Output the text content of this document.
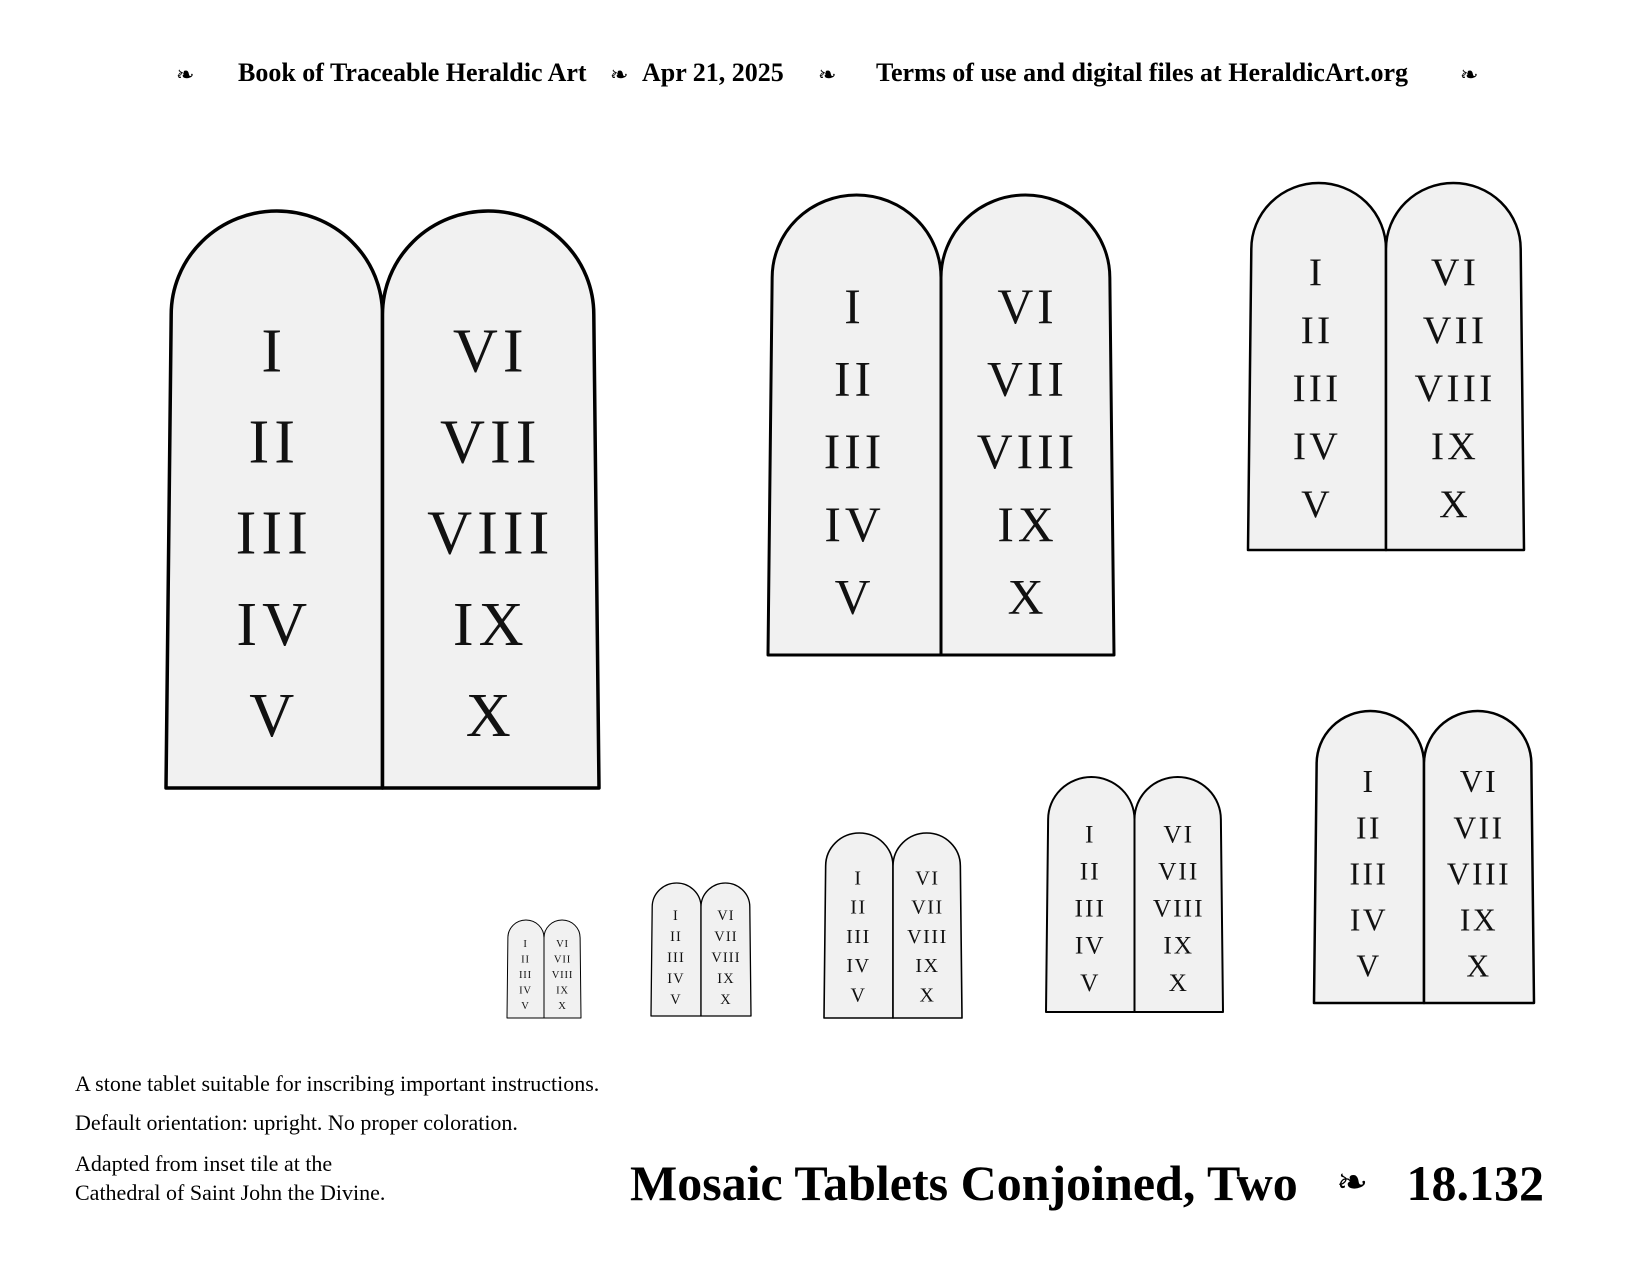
❧ Book of Traceable Heraldic Art ❧ Apr 21, 2025 ❧ Terms of use and digital files at HeraldicArt.org ❧
I
II
III
IV
V
VI
VII
VIII
IX
X
I
II
III
IV
V
VI
VII
VIII
IX
X
I
II
III
IV
V
VI
VII
VIII
IX
X
I
II
III
IV
V
VI
VII
VIII
IX
X
I
II
III
IV
V
VI
VII
VIII
IX
X
I
II
III
IV
V
VI
VII
VIII
IX
X
I
II
III
IV
V
VI
VII
VIII
IX
X
I
II
III
IV
V
VI
VII
VIII
IX
X
A stone tablet suitable for inscribing important instructions.
Default orientation: upright. No proper coloration.
Adapted from inset tile at the
Cathedral of Saint John the Divine.	Mosaic Tablets Conjoined, Two ❧ 18.132
